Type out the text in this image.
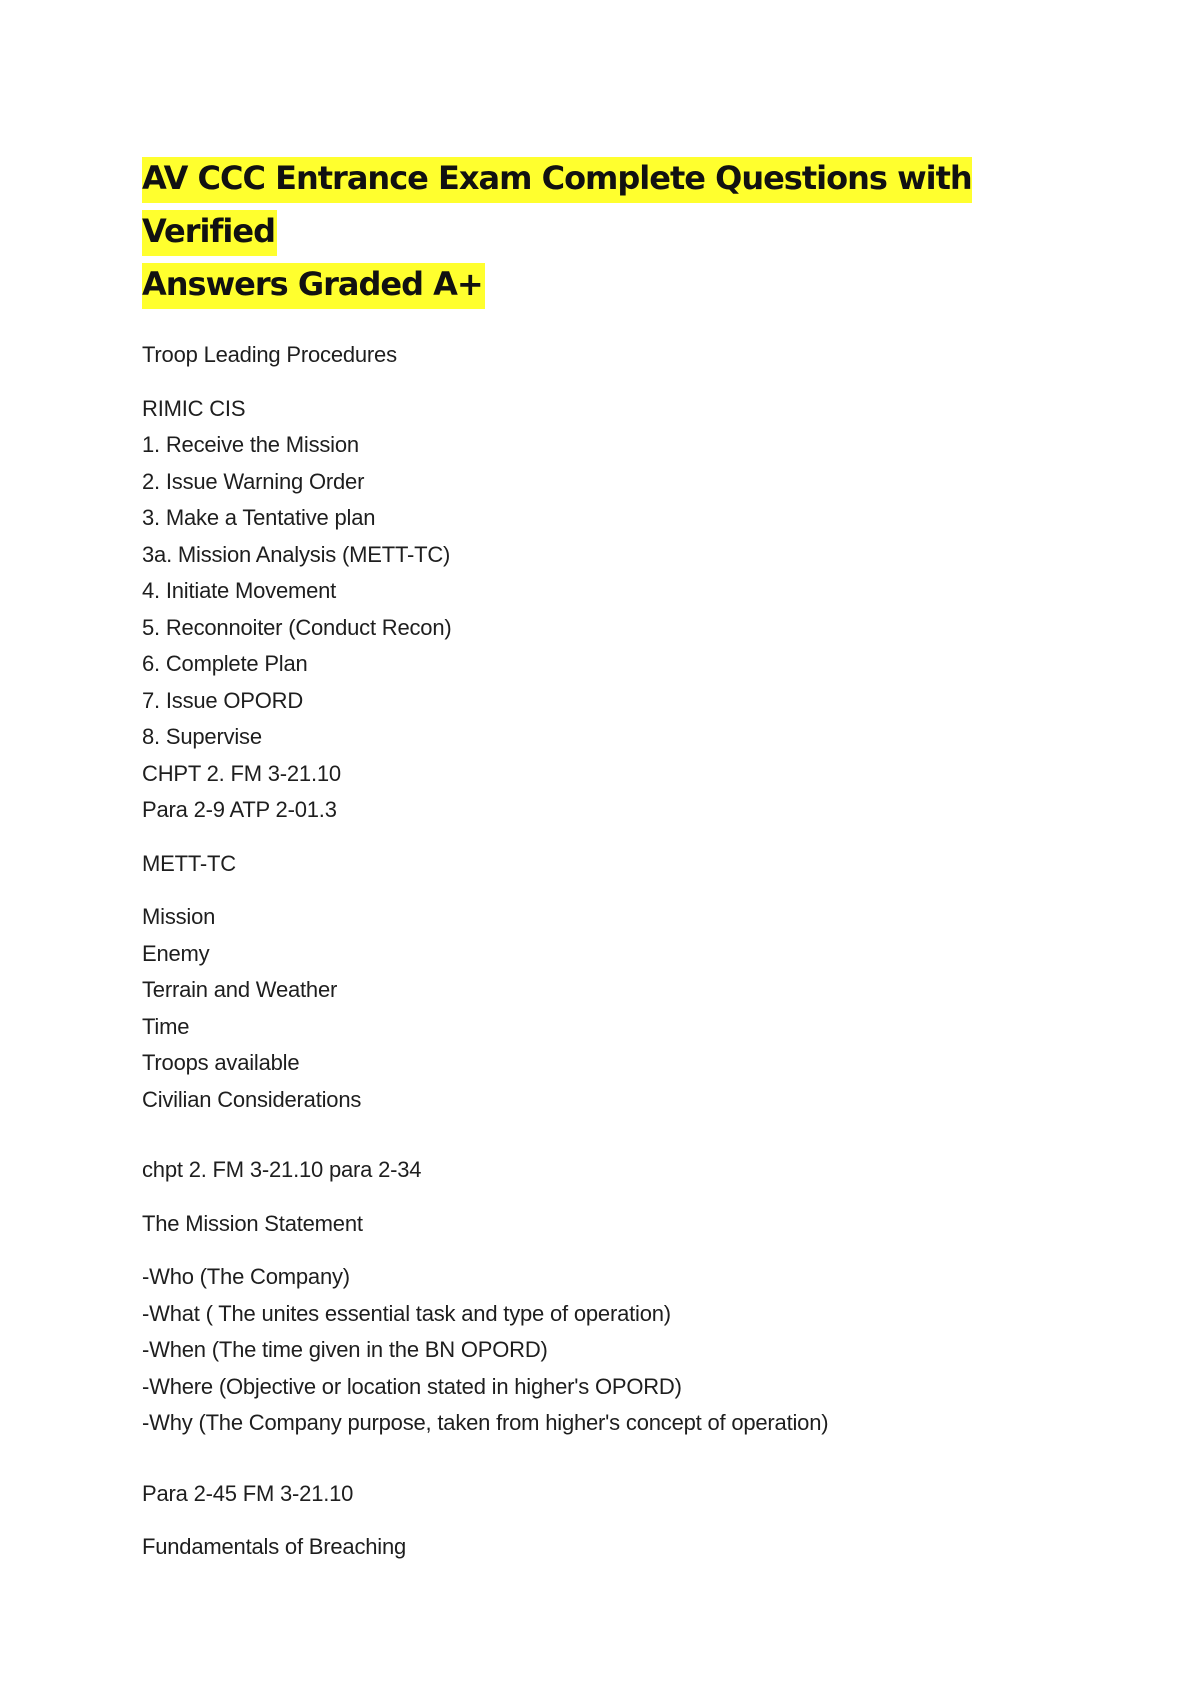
AV CCC Entrance Exam Complete Questions with Verified
Answers Graded A+
Troop Leading Procedures
RIMIC CIS
1. Receive the Mission
2. Issue Warning Order
3. Make a Tentative plan
3a. Mission Analysis (METT-TC)
4. Initiate Movement
5. Reconnoiter (Conduct Recon)
6. Complete Plan
7. Issue OPORD
8. Supervise
CHPT 2. FM 3-21.10
Para 2-9 ATP 2-01.3
METT-TC
Mission
Enemy
Terrain and Weather
Time
Troops available
Civilian Considerations
chpt 2. FM 3-21.10 para 2-34
The Mission Statement
-Who (The Company)
-What ( The unites essential task and type of operation)
-When (The time given in the BN OPORD)
-Where (Objective or location stated in higher's OPORD)
-Why (The Company purpose, taken from higher's concept of operation)
Para 2-45 FM 3-21.10
Fundamentals of Breaching
